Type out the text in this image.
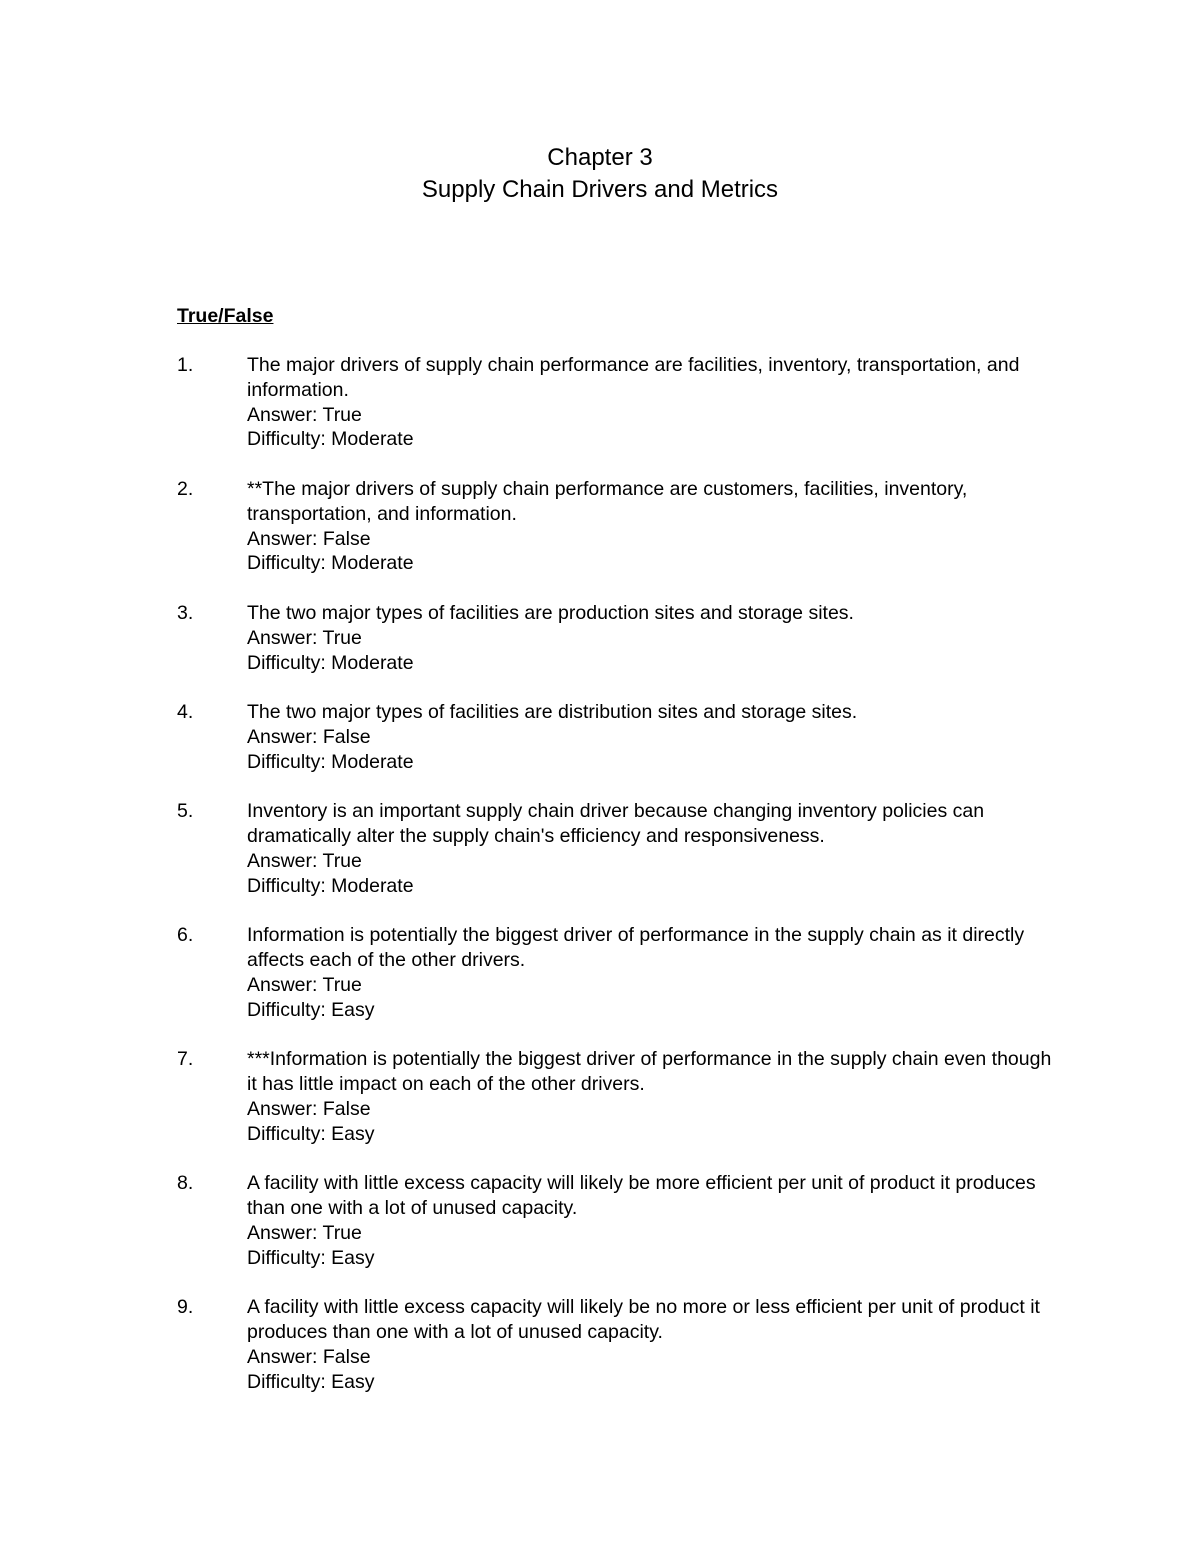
Chapter 3
Supply Chain Drivers and Metrics
True/False
1.	The major drivers of supply chain performance are facilities, inventory, transportation, and information.
Answer: True
Difficulty: Moderate
2.	**The major drivers of supply chain performance are customers, facilities, inventory, transportation, and information.
Answer: False
Difficulty: Moderate
3.	The two major types of facilities are production sites and storage sites.
Answer: True
Difficulty: Moderate
4.	The two major types of facilities are distribution sites and storage sites.
Answer: False
Difficulty: Moderate
5.	Inventory is an important supply chain driver because changing inventory policies can dramatically alter the supply chain's efficiency and responsiveness.
Answer: True
Difficulty: Moderate
6.	Information is potentially the biggest driver of performance in the supply chain as it directly affects each of the other drivers.
Answer: True
Difficulty: Easy
7.	***Information is potentially the biggest driver of performance in the supply chain even though it has little impact on each of the other drivers.
Answer: False
Difficulty: Easy
8.	A facility with little excess capacity will likely be more efficient per unit of product it produces than one with a lot of unused capacity.
Answer: True
Difficulty: Easy
9.	A facility with little excess capacity will likely be no more or less efficient per unit of product it produces than one with a lot of unused capacity.
Answer: False
Difficulty: Easy
